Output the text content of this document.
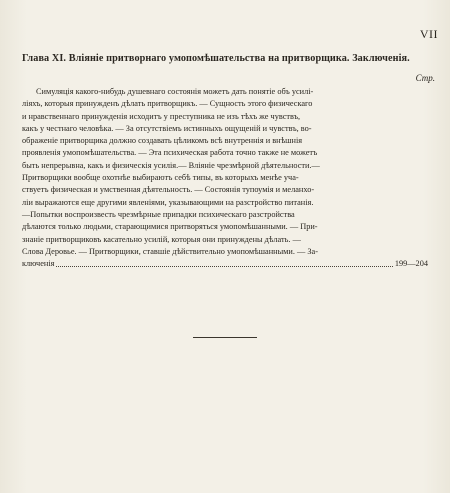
VII
Глава XI. Вліяніе притворнаго умопомѣшательства на притворщика. Заключенія.
Стр.
Симуляція какого-нибудь душевнаго состоянія можетъ дать понятіе объ усилі-
ліяхъ, которыя принужденъ дѣлать притворщикъ. — Сущность этого физическаго
и нравственнаго принужденія исходитъ у преступника не изъ тѣхъ же чувствъ,
какъ у честнаго человѣка. — За отсутствіемъ истинныхъ ощущеній и чувствъ, во-
ображеніе притворщика должно создавать цѣликомъ всѣ внутреннія и внѣшнія
проявленія умопомѣшательства. — Эта психическая работа точно также не можетъ
быть непрерывна, какъ и физическія усилія.— Вліяніе чрезмѣрной дѣятельности.—
Притворщики вообще охотнѣе выбираютъ себѣ типы, въ которыхъ менѣе уча-
ствуетъ физическая и умственная дѣятельность. — Состоянія тупоумія и меланхо-
ліи выражаются еще другими явленіями, указывающими на разстройство питанія.
—Попытки воспроизвесть чрезмѣрные припадки психическаго разстройства
дѣлаются только людьми, старающимися притворяться умопомѣшанными. — При-
знаніе притворщиковъ касательно усилій, которыя они принуждены дѣлать. —
Слова Деровье. — Притворщики, ставшіе дѣйствительно умопомѣшанными. — За-
ключенія	199—204
